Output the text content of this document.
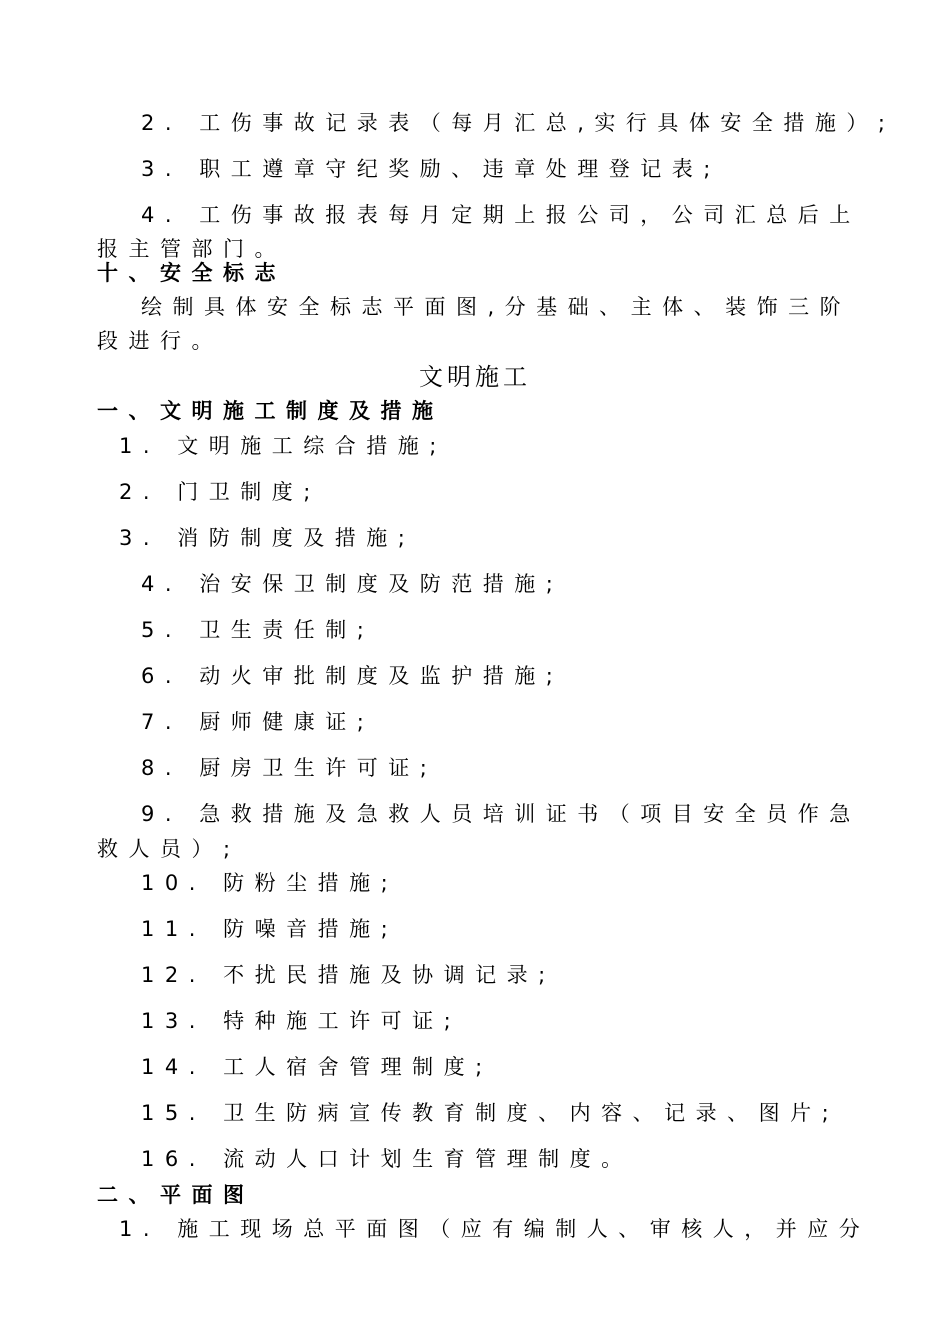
2. 工伤事故记录表（每月汇总,实行具体安全措施）;
3. 职工遵章守纪奖励、违章处理登记表;
4. 工伤事故报表每月定期上报公司，公司汇总后上
报主管部门。
十、安全标志
绘制具体安全标志平面图,分基础、主体、装饰三阶
段进行。
文明施工
一、文明施工制度及措施
1. 文明施工综合措施;
2. 门卫制度;
3. 消防制度及措施;
4. 治安保卫制度及防范措施;
5. 卫生责任制;
6. 动火审批制度及监护措施;
7. 厨师健康证;
8. 厨房卫生许可证;
9. 急救措施及急救人员培训证书（项目安全员作急
救人员）;
10. 防粉尘措施;
11. 防噪音措施;
12. 不扰民措施及协调记录;
13. 特种施工许可证;
14. 工人宿舍管理制度;
15. 卫生防病宣传教育制度、内容、记录、图片;
16. 流动人口计划生育管理制度。
二、平面图
1. 施工现场总平面图（应有编制人、审核人，并应分
